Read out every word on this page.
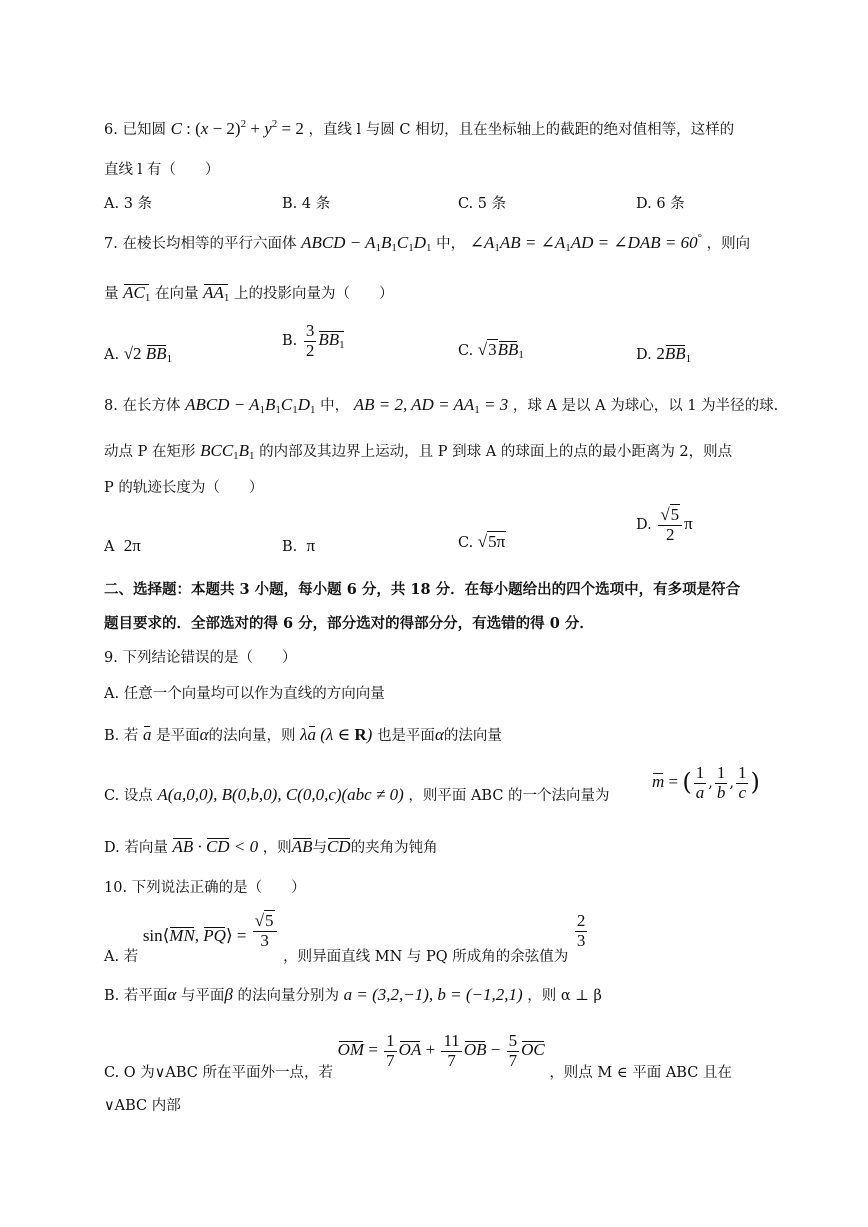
6. 已知圆 C : $(x - 2)^2 + y^2 = 2$ ，直线 l 与圆 C 相切，且在坐标轴上的截距的绝对值相等，这样的
直线 l 有（　　）
A. 3 条	B. 4 条	C. 5 条	D. 6 条
7. 在棱长均相等的平行六面体 ABCD − $A_1B_1C_1D_1$ 中， $\angle A_1AB$ = $\angle A_1AD$ = ∠DAB = 60° ，则向
量 $AC_1$ 在向量 $AA_1$ 上的投影向量为（　　）
A. √2 $BB_1$
B. $\frac{3}{2} BB_1$	C. $√3BB_1$	D. $2BB_1$
8. 在长方体 ABCD − $A_1B_1C_1D_1$ 中， AB = 2, AD = $AA_1 = 3$ ，球 A 是以 A 为球心，以 1 为半径的球.
动点 P 在矩形 $BCC_1B_1$ 的内部及其边界上运动，且 P 到球 A 的球面上的点的最小距离为 2，则点
P 的轨迹长度为（　　）
A 2π	B. π	C. √5π
D. $\frac{√5}{2}$ π
二、选择题：本题共 3 小题，每小题 6 分，共 18 分．在每小题给出的四个选项中，有多项是符合
题目要求的．全部选对的得 6 分，部分选对的得部分分，有选错的得 0 分．
9. 下列结论错误的是（　　）
A. 任意一个向量均可以作为直线的方向向量
B. 若 a 是平面α的法向量，则 λa (λ ∈ R) 也是平面α的法向量
C. 设点 A(a,0,0), B(0,b,0), C(0,0,c)(abc ≠ 0) ，则平面 ABC 的一个法向量为
m = ( $\frac{1}{a}$ , $\frac{1}{b}$ , $\frac{1}{c}$ )
D. 若向量 AB · CD < 0 ，则AB与CD的夹角为钝角
10. 下列说法正确的是（　　）
A. 若 sin⟨MN, PQ⟩ = $\frac{√5}{3}$
，则异面直线 MN 与 PQ 所成角的余弦值为
$\frac{2}{3}$
B. 若平面α 与平面β 的法向量分别为 a = (3,2,−1), b = (−1,2,1) ，则 α ⊥ β
C. O 为∨ABC 所在平面外一点，若 OM = $\frac{1}{7}$ OA + $\frac{11}{7}$ OB − $\frac{5}{7}$ OC ，则点 M ∈ 平面 ABC 且在
∨ABC 内部
